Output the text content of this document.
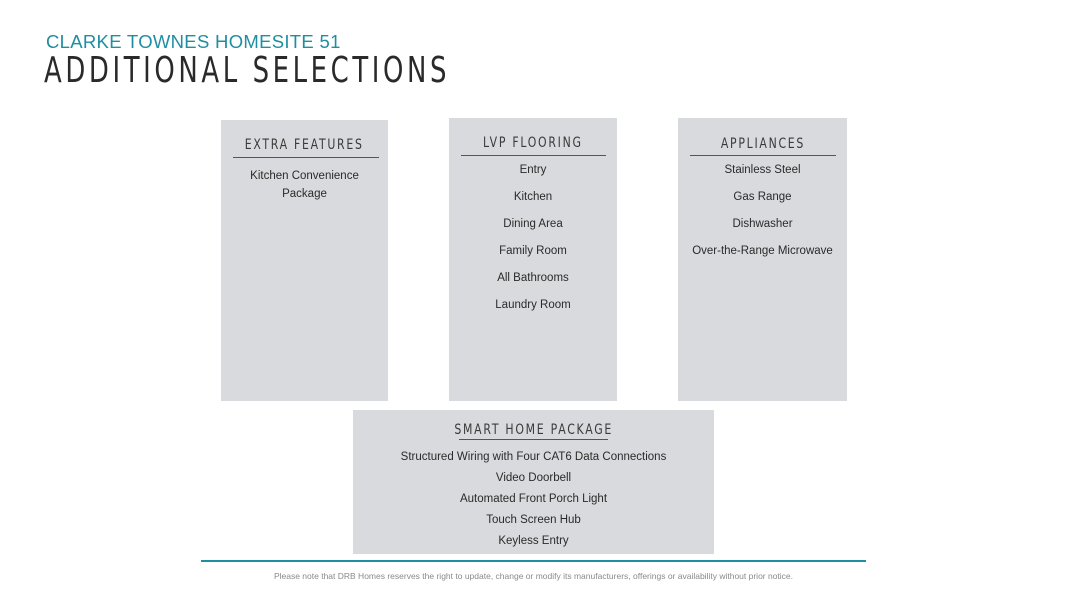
CLARKE TOWNES HOMESITE 51
ADDITIONAL SELECTIONS
EXTRA FEATURES
Kitchen Convenience Package
LVP FLOORING
Entry
Kitchen
Dining Area
Family Room
All Bathrooms
Laundry Room
APPLIANCES
Stainless Steel
Gas Range
Dishwasher
Over-the-Range Microwave
SMART HOME PACKAGE
Structured Wiring with Four CAT6 Data Connections
Video Doorbell
Automated Front Porch Light
Touch Screen Hub
Keyless Entry
Please note that DRB Homes reserves the right to update, change or modify its manufacturers, offerings or availability without prior notice.
